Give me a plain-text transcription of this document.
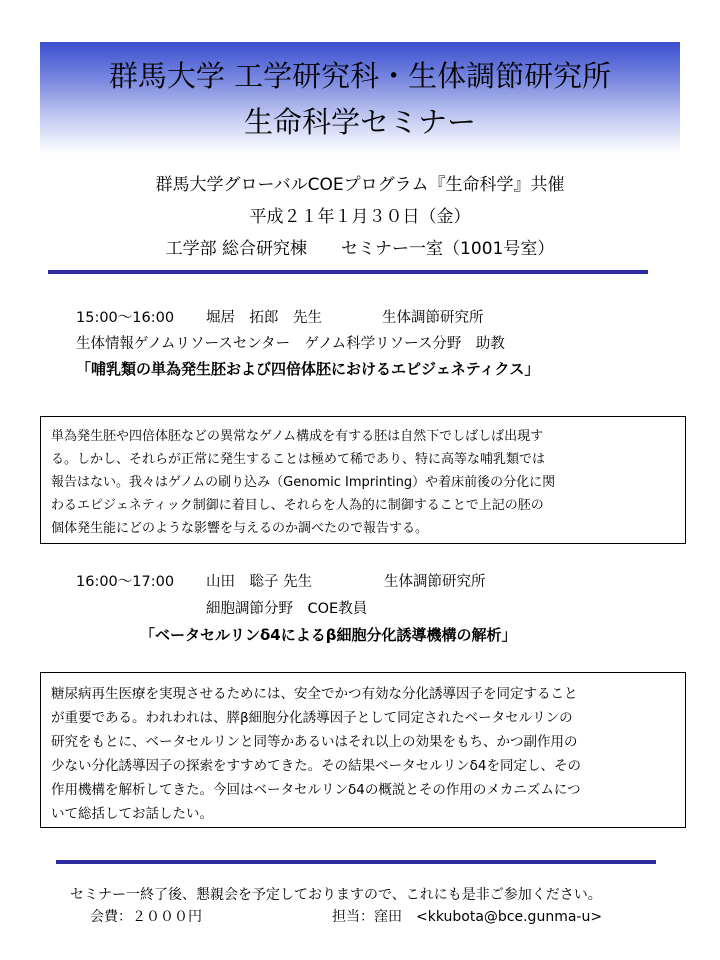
群馬大学 工学研究科・生体調節研究所
生命科学セミナー
群馬大学グローバルCOEプログラム『生命科学』共催
平成２１年１月３０日（金）
工学部 総合研究棟　　セミナー一室（1001号室）
15:00～16:00 堀居　拓郎　先生	生体調節研究所
生体情報ゲノムリソースセンター　ゲノム科学リソース分野　助教
「哺乳類の単為発生胚および四倍体胚におけるエピジェネティクス」
単為発生胚や四倍体胚などの異常なゲノム構成を有する胚は自然下でしばしば出現す
る。しかし、それらが正常に発生することは極めて稀であり、特に高等な哺乳類では
報告はない。我々はゲノムの刷り込み（Genomic Imprinting）や着床前後の分化に関
わるエピジェネティック制御に着目し、それらを人為的に制御することで上記の胚の
個体発生能にどのような影響を与えるのか調べたので報告する。
16:00～17:00 山田　聡子 先生	生体調節研究所
細胞調節分野　COE教員
「ベータセルリンδ4によるβ細胞分化誘導機構の解析」
糖尿病再生医療を実現させるためには、安全でかつ有効な分化誘導因子を同定すること
が重要である。われわれは、膵β細胞分化誘導因子として同定されたベータセルリンの
研究をもとに、ベータセルリンと同等かあるいはそれ以上の効果をもち、かつ副作用の
少ない分化誘導因子の探索をすすめてきた。その結果ベータセルリンδ4を同定し、その
作用機構を解析してきた。今回はベータセルリンδ4の概説とその作用のメカニズムにつ
いて総括してお話したい。
セミナー一終了後、懇親会を予定しておりますので、これにも是非ご参加ください。
会費：２０００円	担当：窪田　<kkubota@bce.gunma-u>
